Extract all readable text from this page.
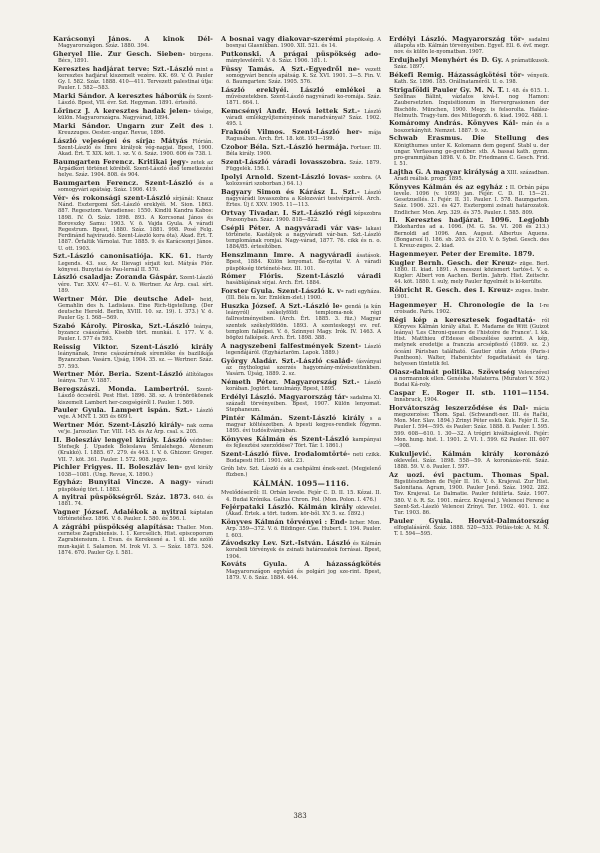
Karácsonyi János. A kinok Dél- Magyarországon. Száz. 1880. 394.
Gheryel Ilie. Zur Gesch. Sieben- bürgens. Bécs, 1891.
Keresztes hadjárat terve: Szt.-László mint a keresztes hadjárat kiszemelt vezére. KK. 69. V. Ö. Pauler Gy. I. 582. Száz. 1888. 410—411. Tervezett palestinai útja: Pauler. I. 582—583.
Marki Sándor. A keresztes háborúk és Szent-László. Bpest, VII. évr. Szt. Hegyman. 1891. értesítő.
Lőrincz J. A keresztes hadak jelen- tősége, külön. Magyarországra. Nagyvárad, 1894.
Marki Sándor. Ungarn zur Zeit des I. Kreuzzuges. Oester.-ungar. Revue, 1896.
László vejeségei és sírja: Mátyás Flórián. Szent-László és Imre királyok vég-napjai. Bpest, 1900. Akad. Ért. T. XIX. köt. 1. sz. V. ö. Száz. 1900. 606 és 738. l.
Baumgarten Ferencz. Kritikai jegy- zetek az Árpádkori történet köréből. Szent-László első temetkezési helye. Száz. 1904. 808. és 904.
Baumgarten Ferencz. Szent-László és a somogyvári apátság. Száz. 1906. 419.
Vér- és rokonsági szent-László sírjánál: Knauz Nánd. Esztergomi Szt.-László ereklyéi. M. Sion. 1863. 887. Regesztom. Varadiense: 1550. Kindlü Kandra Kabos: 1898. IV. Ö. Száz. 1898. 893. A Korcsonai János és Borovszky Samu: 1903. V. ö. Vajda Gyula. A váradi Regestrum. Bpest, 1880. Száz. 1881. 998. Posé Felg. Ferdinánd hajvíraudó. Szent-László kora óta). Akad. Ért. T. 1887. Őrfaltik Várnolai. Tur. 1885. 9. és Karácsonyi János. U. ott. 1903.
Szt.-László canonisatiója. KK. 61. Hardy Legends. 43. ssz. Az Ilievagi sírjait kut. Mátyás Flór. könyvei. Bunyitai és Pau-lernál II. 570.
László csaladja: Zoranda Gáspár. Szent-László vére. Tur. XXV. 47—61. V. ö. Wertner. Az Árp. csal. sírt. 189.
Wertner Mór. Die deutsche Adel- heid, Gemahlin des h. Ladislaus. Eine Rich-tigstellung. (Der deutsche Herold. Berlin, XVIII. 10. sz. 19). I. 373.) V. ö. Pauler Gy. I. 568—569.
Szabó Károly. Piroska, Szt.-László leánya, byzancz császárné. Kisebb tört. munkái. I. 177. V. ö. Pauler. I. 577 és 593.
Reissig Viktor. Szent-László király leánynának, Irene császárnénak síremléke és bazilikája Byzanczban. Vasárn. Újság, 1904. 35. sz. — Wertner: Száz. 57. 593.
Wertner Mór. Beria. Szent-László állítólagos leánya. Tur. V. 1887.
Beregszászi. Monda. Lambertról. Szent-László öccséről. Pest Hist. 1896. 38. sz. A trónörökösnek kiszemelt Lambert her-czegségéről I. Pauler. I. 569.
Pauler Gyula. Lampert ispán. Szt.- László veje. Á MNT. I. 305 és 609 l.
Wertner Mór. Szent-László király- nak ozma ve'je. Jaroszlav. Tur. VIII. 145. és Az Árp. csal. s. 205.
II. Boleszláv lengyel király. László védnöse: Stefsejk J. Upadek Boleslawa Smialehego. Ateneum (Krakkó). I. 1885. 67. 279. és 443. I. V. ö. Ghizzer. Greger. VII. 7. köt. 361. Pauler. I. 572. 908. jegyz.
Pichler Frigyes. II. Boleszláv len- gyel király 1038—1081. (Ung. Revue, X. 1890.)
Egyház: Bunyitai Vincze. A nagy- váradi püspökség tört. I. 1883.
A nyitrai püspökségről. Száz. 1873. 640. és 1881. 74.
Vagner József. Adalékok a nyitrai káptalan történetéhez. 1896. V. ö. Pauler. I. 580. és 596. l.
A zágrábi püspökség alapítása: Thaller. Mon. cernetse Zagrabiensis. I. 1. Kercselich. Hist. episcoporum Zagrabiensium. I. Evan. és Kerekesné a. 1 ül. ide szóló mun-kaját I. Salamon. M. Irok VI. 3. — Száz. 1873. 524. 1874. 670. Pauler Gy. I. 581.
A bosnai vagy diakovar-szerémi püspökség. A bosnyai Glasnikban. 1900. XII. 521. és 14.
Putkonski. A prágai püspökség ado- mányleveléről. V. ö. Száz. 1906. 181. l.
Füssy Tamás. A Szt.-Egyedről ne- vezett somogyvári bencés apátság. K. Sz. XVI. 1901. 3—5. Fin. V. ö. Baumgarten: Száz. 1905. 576.
László ereklyéi. László emlékei a művészetekben. Szent-László nagyváradi ko-romája. Száz. 1871. 664. l.
Kemcsényi Andr. Hová lettek Szt.- László váradi emlékgyűjteményének maradványai? Száz. 1902. 495. l.
Fraknói Vilmos. Szent-László her- mája Ragusában. Arch. Ért. 18. köt. 193—199.
Czobor Béla. Szt.-László hermája. Fortuer. III. Béla király. 1900.
Szent-László váradi lovasszobra. Száz. 1879. Függelék. 156. l.
Ipolyi Arnold. Szent-László lovas- szobra. (A kolozsvári szoborban.) 64. l.)
Bagyary Simon és Kárász L. Szt.- László nagyváradi lovasszobra a Kolozsvári testvérpárról. Arch. Értes. Új f. XXV. 1905. 11—113.
Ortvay Tivadar. I. Szt.-László régi képszobra Pozsonyban. Száz. 1900. 818—822.
Csépli Péter. A nagyváradi vár vas- lakasi története. Kastályok a nagyváradi vár-ban. Szt.-László templomának romjai. Nagy-várad, 1877. 76. cikk és n. o. 1884/85. értesítőben.
Henszlmann Imre. A nagyváradi ásatások. Bpest, 1884. Külön lenyomat. Ba-nyitai V. A váradi püspökség történeté-hez. III. 101.
Rómer Flóris. Szent-László váradi hasáblájának sírjai. Arch. Ért. 1884.
Forster Gyula. Szent-László k. v- radi egyháza. (III. Béla m. kir. Emlékm-zlet.) 1900.
Huszka József. A Szt.-László le- gendá (a kún leányról) székelyföldi temploma-nok régi fallrestményeiben. (Arch. Ért. 1885. 3. füz.) Magyar szentek székelyföldön. 1893. A szenteskegyi ev. ref. templom falképei. V. ö. Szinnyei Magy. Irók. IV. 1463. A bögözi falképek. Arch. Ért. 1898. 388.
A nagyszebeni falfestmények Szent- László legendájáról. (Egyháztaröm. Lapok. 1889.)
György Aladár. Szt.-László család- (ásványai az mythologiai szerzés hagyomány-művészetünkben. Vasárn. Újság, 1889. 2. sz.
Németh Péter. Magyarország Szt.- László korában. Jogtört. tanulmány. Bpest, 1895.
Erdélyi László. Magyarország tár- sadalma XI. századi törvényeiben. Bpest, 1907. Külön lenyomat. Stephaneum.
Pintér Kálmán. Szent-László király s a magyar költészetben. A bpesti kegyes-rendiek főgymn. 1895. évi tudósítványában.
Könyves Kálmán és Szent-László kampányai és fejlesztési szerződése? Tört. Tár. I. 1861.)
Szent-László füve. Irodalomtörté- neti czikk. Budapesti Hírl. 1901. okt. 23.
Gróh Istv. Szt. László és a csehpálmi ének-szet. (Megjelenő füzben.)
KÁLMÁN. 1095—1116.
Mvelődéseiről: II. Orbán levele. Fejér C. D. II. 15. Kézai. II. 4. Budai Krónika. Gallus Chron. Pol. (Mon. Polon. I. 476.)
Fejérpataki László. Kálmán király oklevelei. (Akad. Értek. a tört. tudom. kör-ből. XV. 5. sz. 1892.)
Könyves Kálmán törvényei : End- licher. Mon. Arp. 359—372. V. ö. Bildinger. Cae. Hubert. I. 194. Pauler. I. 603.
Závodszky Lev. Szt.-István. László és Kálmán korabeli törvények és zsinati határozatok forrásai. Bpest, 1904.
Kováts Gyula. A házasságkötés Magyarországon egyházi és polgári jog sze-rint. Bpest, 1879. V. ö. Száz. 1884. 444.
Erdélyi László. Magyarország tör- sadalmi állapota stb. Kálmán törvényeiben. Egyet. Ell. 6. évf. megr. nov. és külön le-nyomatban. 1907.
Erdujhelyi Menyhért és D. Gy. A prámatikusok. Száz. 1897.
Békefi Remig. Házasságkötési tör- vényeik. Kath. Sz. 1896. 185. Orállnataméről. U. o. 198.
Strigaföldi Pauler Gy. M. N. T. I. 48. és 615. 1. Szélinas Bálint, vázlatos kivá-I. nog Hamon: Zaubersetzten. Inquisitionum in Hervergrasionen der Bischöfe. München, 1900. Megy. is felsorolta. Halász-Helmuth. Tragy-tum. des Mitlegorzh. 6. kiad. 1902. 488. l.
Komáromy András. Könyves Kál- mán és a boszorkányhit. Nemzet. 1887. 9. sz.
Schwab Erasmus. Die Stellung des Königthumes unter K. Kolomann dem gegenf. Stabl u. der ungar. Verfassung ge-genüber. stb. A bassai kath. gymn. pro-grammjában 1898. V. ö. Dr. Friedmann C. Gesch. Frid. I. 51.
Lajtha G. A magyar királyság a XIII. században. Aradi reálisk. progr. 1895.
Könyves Kálmán és az egyház : II. Orbán pápa levele. 1096 (v. 1095) jan. Fejér. C. D. II. 15—21. Gesetzuellés. I. Fejér. II. 31. Pauler. I. 578. Baumgarten. Száz. 1906. 321. és 427. Esztergomi zsinati határozatok. Endlicher. Mon. Arp. 329. és 375. Pauler. I. 585. 809.
II. Keresztes hadjárat. 1096. Legjobb Ekkehardus ad a. 1096. (M. G. Ss. VI. 208 és 213.) Bernoldi ad 1096. Ann. Augsut. Albertus Aquens. (Bongarsoí I). 186. sb. 203. és 210. V. ö. Sybel. Gesch. des I. Kreuz-zuges. 2. kiad.
Hagenmeyer. Peter der Eremite. 1879.
Kugler Bernh. Gesch. der Kreuz- züge. Berl. 1880. II. kiad. 1891. A messzei közismert tartós-t. V. o. Kugler: Albert von Aachen. Berlin. Jahrb. Hist. Zeitschr. 44. köt. 1880. I. suly, mely Pauler figyelmét is ki-kerülte.
Röhricht R. Gesch. des I. Kreuz- zuges. Insbr. 1901.
Hagenmeyer H. Chronologie de la I-re croisade. Paris. 1902.
Régi kép a keresztesek fogadtatá- ról Könyves Kálmán király által. E. Madame de Witt (Guizot leánya) 'Les Chroni-queurs de l'histoire de France'. I. kk. Hist. Matthieu d'Edesse elbeszélése szerint. A kép, melynek eredetije a franczia arcsépfestő (1869. sz. 2.) óceáni Párisban található. Gautier után Artois (Paris-i Pantheon). Walter, Habenichts' fogadtatását és tárg. helyesen tüntetik fel.
Olasz-dalmát politika. Szövetség Velenczével a normannok ellen. Genésba Malaterra. (Muratori V. 592.) Budai Ká-roly.
Caspar E. Roger II. stb. 1101—1154. Innsbruck, 1904.
Horvátország leszerződése és Dal- mácia megszerzése: Thom. Spal. (Schwandt-ner. III. és Rački, Mon. Mer. Slav. 1894.) Zrinyi Péter eskü. Kuk. Fejér II. Sz. Pauler I. 594—595. és Pauler: Száz. 1888. 8. Pauler. I. 595. 599. 608—610. 1. 30—32. A trógiri kiváltságlevél. Fejér: Mon. hung. hist. 1. 1901. 2. VI. 1. 599. 62 Pauler. III. 607—908.
Kukuljević. Kálmán király koronázó oklevelei. Száz. 1898. 558—59. A koronázás-ról. Száz. 1888. 59. V. ö. Pauler. I. 597.
Az uozi. évi pactum. Thomas Spal. Bigsütészletben de Fejér II. 16. V. ö. Krajeval. Zur Hist. Salonitana. Agram, 1900. Pauler Jenő. Száz. 1902. 282. Tov. Krajeval. Le Dalmatie. Pauler felülírta. Száz. 1907. 380. V. ö. R. Sz. 1901. márcz. Krajeval J. Velencei Ferenc a Szent-Szt.-László Velencei Zrínyi. Ter. 1902. 401. 1. ész Tur. 1903. 86.
Pauler Gyula. Horvát-Dalmátország elfoglalásáról. Száz. 1888. 520—533. Pótlás-tok: A. M. N. T. I. 594—595.
383
